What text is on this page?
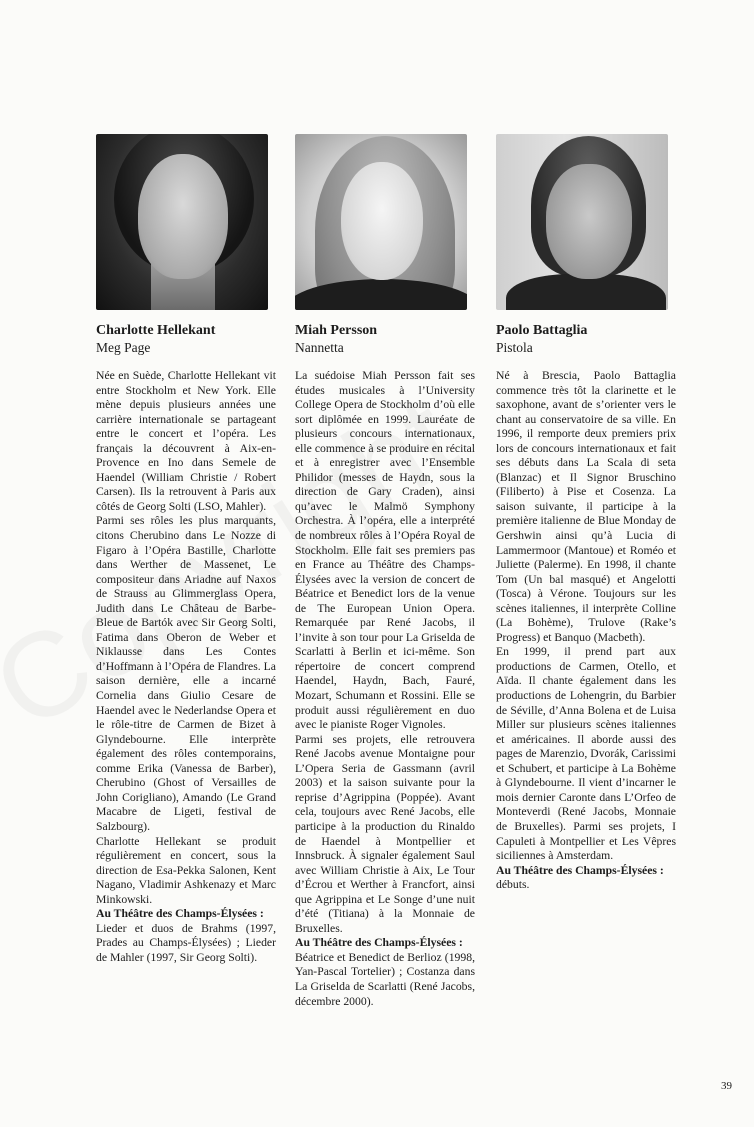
Charlotte Hellekant
Meg Page

Née en Suède, Charlotte Hellekant vit entre Stockholm et New York. Elle mène depuis plusieurs années une carrière internationale se partageant entre le concert et l’opéra. Les français la découvrent à Aix-en-Provence en Ino dans Semele de Haendel (William Christie / Robert Carsen). Ils la retrouvent à Paris aux côtés de Georg Solti (LSO, Mahler).

Parmi ses rôles les plus marquants, citons Cherubino dans Le Nozze di Figaro à l’Opéra Bastille, Charlotte dans Werther de Massenet, Le compositeur dans Ariadne auf Naxos de Strauss au Glimmerglass Opera, Judith dans Le Château de Barbe-Bleue de Bartók avec Sir Georg Solti, Fatima dans Oberon de Weber et Niklausse dans Les Contes d’Hoffmann à l’Opéra de Flandres. La saison dernière, elle a incarné Cornelia dans Giulio Cesare de Haendel avec le Nederlandse Opera et le rôle-titre de Carmen de Bizet à Glyndebourne. Elle interprète également des rôles contemporains, comme Erika (Vanessa de Barber), Cherubino (Ghost of Versailles de John Corigliano), Amando (Le Grand Macabre de Ligeti, festival de Salzbourg).

Charlotte Hellekant se produit régulièrement en concert, sous la direction de Esa-Pekka Salonen, Kent Nagano, Vladimir Ashkenazy et Marc Minkowski.

Au Théâtre des Champs-Élysées :

Lieder et duos de Brahms (1997, Prades au Champs-Élysées) ; Lieder de Mahler (1997, Sir Georg Solti).

Miah Persson
Nannetta

La suédoise Miah Persson fait ses études musicales à l’University College Opera de Stockholm d’où elle sort diplômée en 1999. Lauréate de plusieurs concours internationaux, elle commence à se produire en récital et à enregistrer avec l’Ensemble Philidor (messes de Haydn, sous la direction de Gary Craden), ainsi qu’avec le Malmö Symphony Orchestra. À l’opéra, elle a interprété de nombreux rôles à l’Opéra Royal de Stockholm. Elle fait ses premiers pas en France au Théâtre des Champs-Élysées avec la version de concert de Béatrice et Benedict lors de la venue de The European Union Opera. Remarquée par René Jacobs, il l’invite à son tour pour La Griselda de Scarlatti à Berlin et ici-même. Son répertoire de concert comprend Haendel, Haydn, Bach, Fauré, Mozart, Schumann et Rossini. Elle se produit aussi régulièrement en duo avec le pianiste Roger Vignoles.

Parmi ses projets, elle retrouvera René Jacobs avenue Montaigne pour L’Opera Seria de Gassmann (avril 2003) et la saison suivante pour la reprise d’Agrippina (Poppée). Avant cela, toujours avec René Jacobs, elle participe à la production du Rinaldo de Haendel à Montpellier et Innsbruck. À signaler également Saul avec William Christie à Aix, Le Tour d’Écrou et Werther à Francfort, ainsi que Agrippina et Le Songe d’une nuit d’été (Titiana) à la Monnaie de Bruxelles.

Au Théâtre des Champs-Élysées :

Béatrice et Benedict de Berlioz (1998, Yan-Pascal Tortelier) ; Costanza dans La Griselda de Scarlatti (René Jacobs, décembre 2000).

Paolo Battaglia
Pistola

Né à Brescia, Paolo Battaglia commence très tôt la clarinette et le saxophone, avant de s’orienter vers le chant au conservatoire de sa ville. En 1996, il remporte deux premiers prix lors de concours internationaux et fait ses débuts dans La Scala di seta (Blanzac) et Il Signor Bruschino (Filiberto) à Pise et Cosenza. La saison suivante, il participe à la première italienne de Blue Monday de Gershwin ainsi qu’à Lucia di Lammermoor (Mantoue) et Roméo et Juliette (Palerme). En 1998, il chante Tom (Un bal masqué) et Angelotti (Tosca) à Vérone. Toujours sur les scènes italiennes, il interprète Colline (La Bohème), Trulove (Rake’s Progress) et Banquo (Macbeth).

En 1999, il prend part aux productions de Carmen, Otello, et Aïda. Il chante également dans les productions de Lohengrin, du Barbier de Séville, d’Anna Bolena et de Luisa Miller sur plusieurs scènes italiennes et américaines. Il aborde aussi des pages de Marenzio, Dvorák, Carissimi et Schubert, et participe à La Bohème à Glyndebourne. Il vient d’incarner le mois dernier Caronte dans L’Orfeo de Monteverdi (René Jacobs, Monnaie de Bruxelles). Parmi ses projets, I Capuleti à Montpellier et Les Vêpres siciliennes à Amsterdam.

Au Théâtre des Champs-Élysées :

débuts.

39
